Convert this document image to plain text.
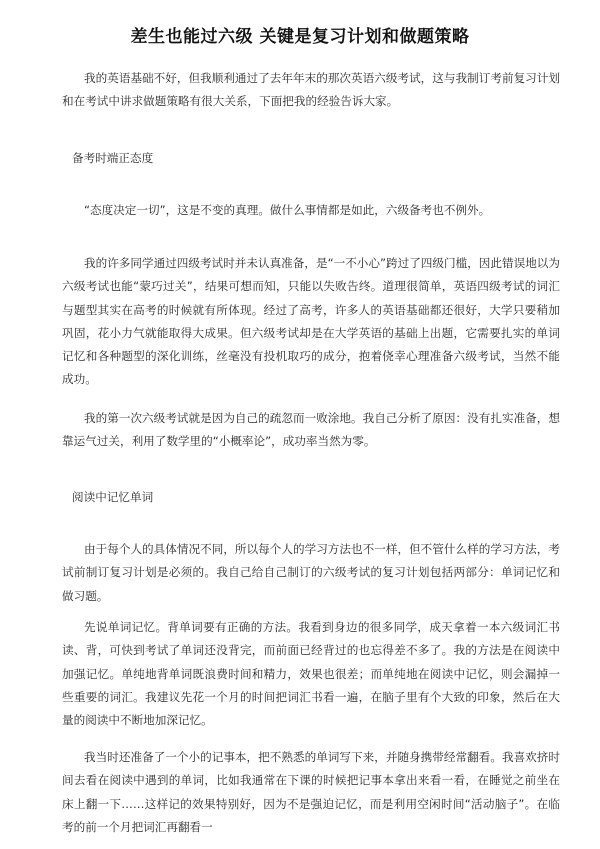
差生也能过六级 关键是复习计划和做题策略

我的英语基础不好，但我顺利通过了去年年末的那次英语六级考试，这与我制订考前复习计划和在考试中讲求做题策略有很大关系，下面把我的经验告诉大家。

备考时端正态度

“态度决定一切”，这是不变的真理。做什么事情都是如此，六级备考也不例外。

我的许多同学通过四级考试时并未认真准备，是“一不小心”跨过了四级门槛，因此错误地以为六级考试也能“蒙巧过关”，结果可想而知，只能以失败告终。道理很简单，英语四级考试的词汇与题型其实在高考的时候就有所体现。经过了高考，许多人的英语基础都还很好，大学只要稍加巩固，花小力气就能取得大成果。但六级考试却是在大学英语的基础上出题，它需要扎实的单词记忆和各种题型的深化训练，丝毫没有投机取巧的成分，抱着侥幸心理准备六级考试，当然不能成功。

我的第一次六级考试就是因为自己的疏忽而一败涂地。我自己分析了原因：没有扎实准备，想靠运气过关，利用了数学里的“小概率论”，成功率当然为零。

阅读中记忆单词

由于每个人的具体情况不同，所以每个人的学习方法也不一样，但不管什么样的学习方法，考试前制订复习计划是必须的。我自己给自己制订的六级考试的复习计划包括两部分：单词记忆和做习题。

先说单词记忆。背单词要有正确的方法。我看到身边的很多同学，成天拿着一本六级词汇书读、背，可快到考试了单词还没背完，而前面已经背过的也忘得差不多了。我的方法是在阅读中加强记忆。单纯地背单词既浪费时间和精力，效果也很差；而单纯地在阅读中记忆，则会漏掉一些重要的词汇。我建议先花一个月的时间把词汇书看一遍，在脑子里有个大致的印象，然后在大量的阅读中不断地加深记忆。

我当时还准备了一个小的记事本，把不熟悉的单词写下来，并随身携带经常翻看。我喜欢挤时间去看在阅读中遇到的单词，比如我通常在下课的时候把记事本拿出来看一看，在睡觉之前坐在床上翻一下……这样记的效果特别好，因为不是强迫记忆，而是利用空闲时间“活动脑子”。在临考的前一个月把词汇再翻看一
